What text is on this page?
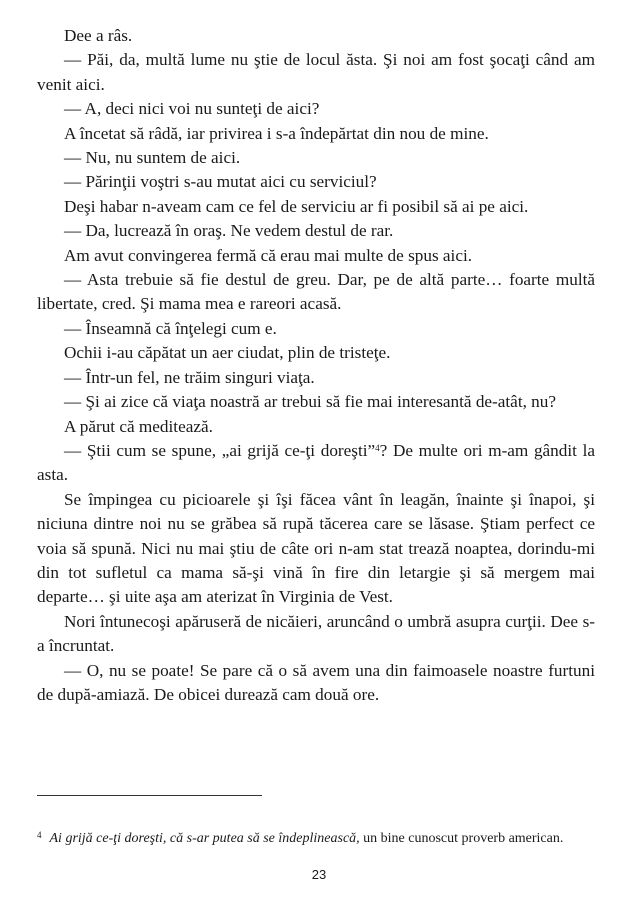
Dee a râs.

— Păi, da, multă lume nu ştie de locul ăsta. Şi noi am fost şocaţi când am venit aici.

— A, deci nici voi nu sunteţi de aici?

A încetat să râdă, iar privirea i s-a îndepărtat din nou de mine.

— Nu, nu suntem de aici.

— Părinţii voştri s-au mutat aici cu serviciul?

Deşi habar n-aveam cam ce fel de serviciu ar fi posibil să ai pe aici.

— Da, lucrează în oraş. Ne vedem destul de rar.

Am avut convingerea fermă că erau mai multe de spus aici.

— Asta trebuie să fie destul de greu. Dar, pe de altă parte… foarte multă libertate, cred. Şi mama mea e rareori acasă.

— Înseamnă că înţelegi cum e.

Ochii i-au căpătat un aer ciudat, plin de tristeţe.

— Într-un fel, ne trăim singuri viaţa.

— Şi ai zice că viaţa noastră ar trebui să fie mai interesantă de-atât, nu?

A părut că meditează.

— Ştii cum se spune, „ai grijă ce-ţi doreşti”$^4$? De multe ori m-am gândit la asta.

Se împingea cu picioarele şi îşi făcea vânt în leagăn, înainte şi înapoi, şi niciuna dintre noi nu se grăbea să rupă tăcerea care se lăsase. Ştiam perfect ce voia să spună. Nici nu mai ştiu de câte ori n-am stat trează noaptea, dorindu-mi din tot sufletul ca mama să-şi vină în fire din letargie şi să mergem mai departe… şi uite aşa am aterizat în Virginia de Vest.

Nori întunecoşi apăruseră de nicăieri, aruncând o umbră asupra curţii. Dee s-a încruntat.

— O, nu se poate! Se pare că o să avem una din faimoasele noastre furtuni de după-amiază. De obicei durează cam două ore.

$^4$ Ai grijă ce-ţi doreşti, că s-ar putea să se îndeplinească, un bine cunoscut proverb american.
23
